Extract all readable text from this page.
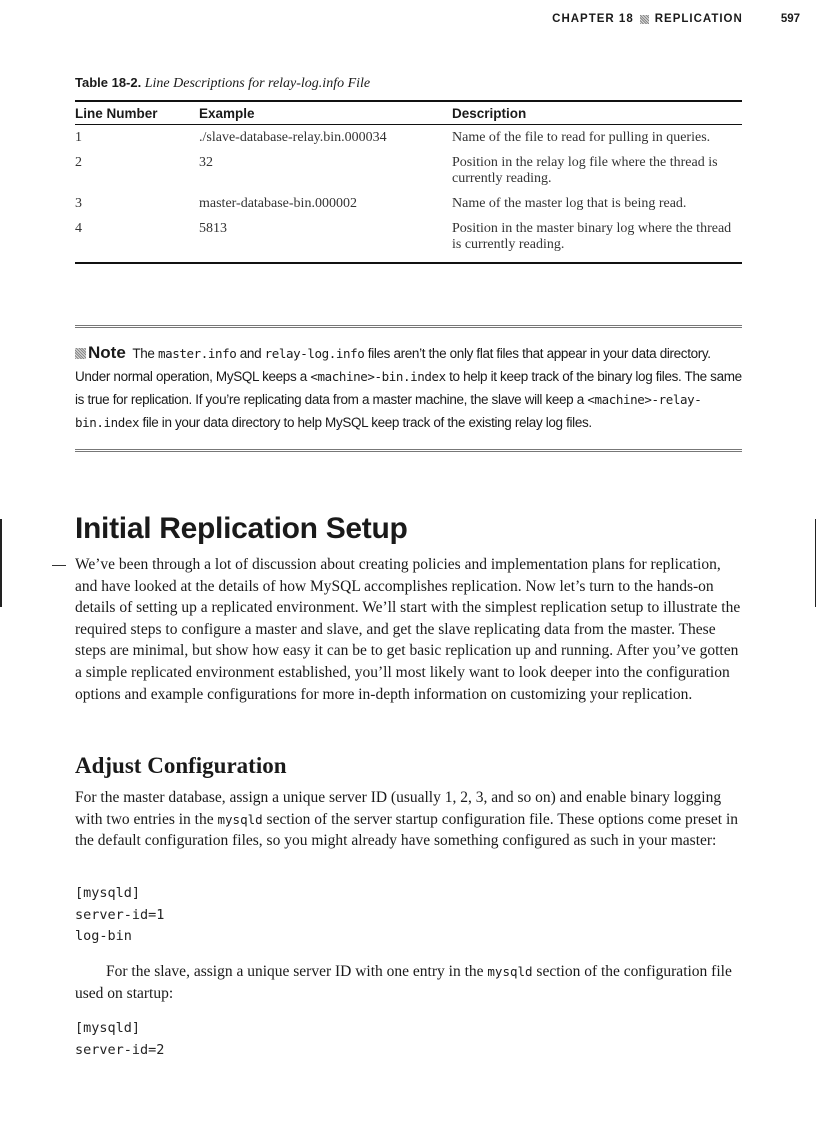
CHAPTER 18 REPLICATION	597
Table 18-2. Line Descriptions for relay-log.info File
Line Number	Example	Description
1	./slave-database-relay.bin.000034	Name of the file to read for pulling in queries.
2	32	Position in the relay log file where the thread is currently reading.
3	master-database-bin.000002	Name of the master log that is being read.
4	5813	Position in the master binary log where the thread is currently reading.
Note The master.info and relay-log.info files aren’t the only flat files that appear in your data directory. Under normal operation, MySQL keeps a <machine>-bin.index to help it keep track of the binary log files. The same is true for replication. If you’re replicating data from a master machine, the slave will keep a <machine>-relay-bin.index file in your data directory to help MySQL keep track of the existing relay log files.
Initial Replication Setup

We’ve been through a lot of discussion about creating policies and implementation plans for replication, and have looked at the details of how MySQL accomplishes replication. Now let’s turn to the hands-on details of setting up a replicated environment. We’ll start with the simplest replication setup to illustrate the required steps to configure a master and slave, and get the slave replicating data from the master. These steps are minimal, but show how easy it can be to get basic replication up and running. After you’ve gotten a simple replicated environment established, you’ll most likely want to look deeper into the configuration options and example configurations for more in-depth information on customizing your replication.

Adjust Configuration

For the master database, assign a unique server ID (usually 1, 2, 3, and so on) and enable binary logging with two entries in the mysqld section of the server startup configuration file. These options come preset in the default configuration files, so you might already have something configured as such in your master:

[mysqld]
server-id=1
log-bin

For the slave, assign a unique server ID with one entry in the mysqld section of the configuration file used on startup:

[mysqld]
server-id=2
